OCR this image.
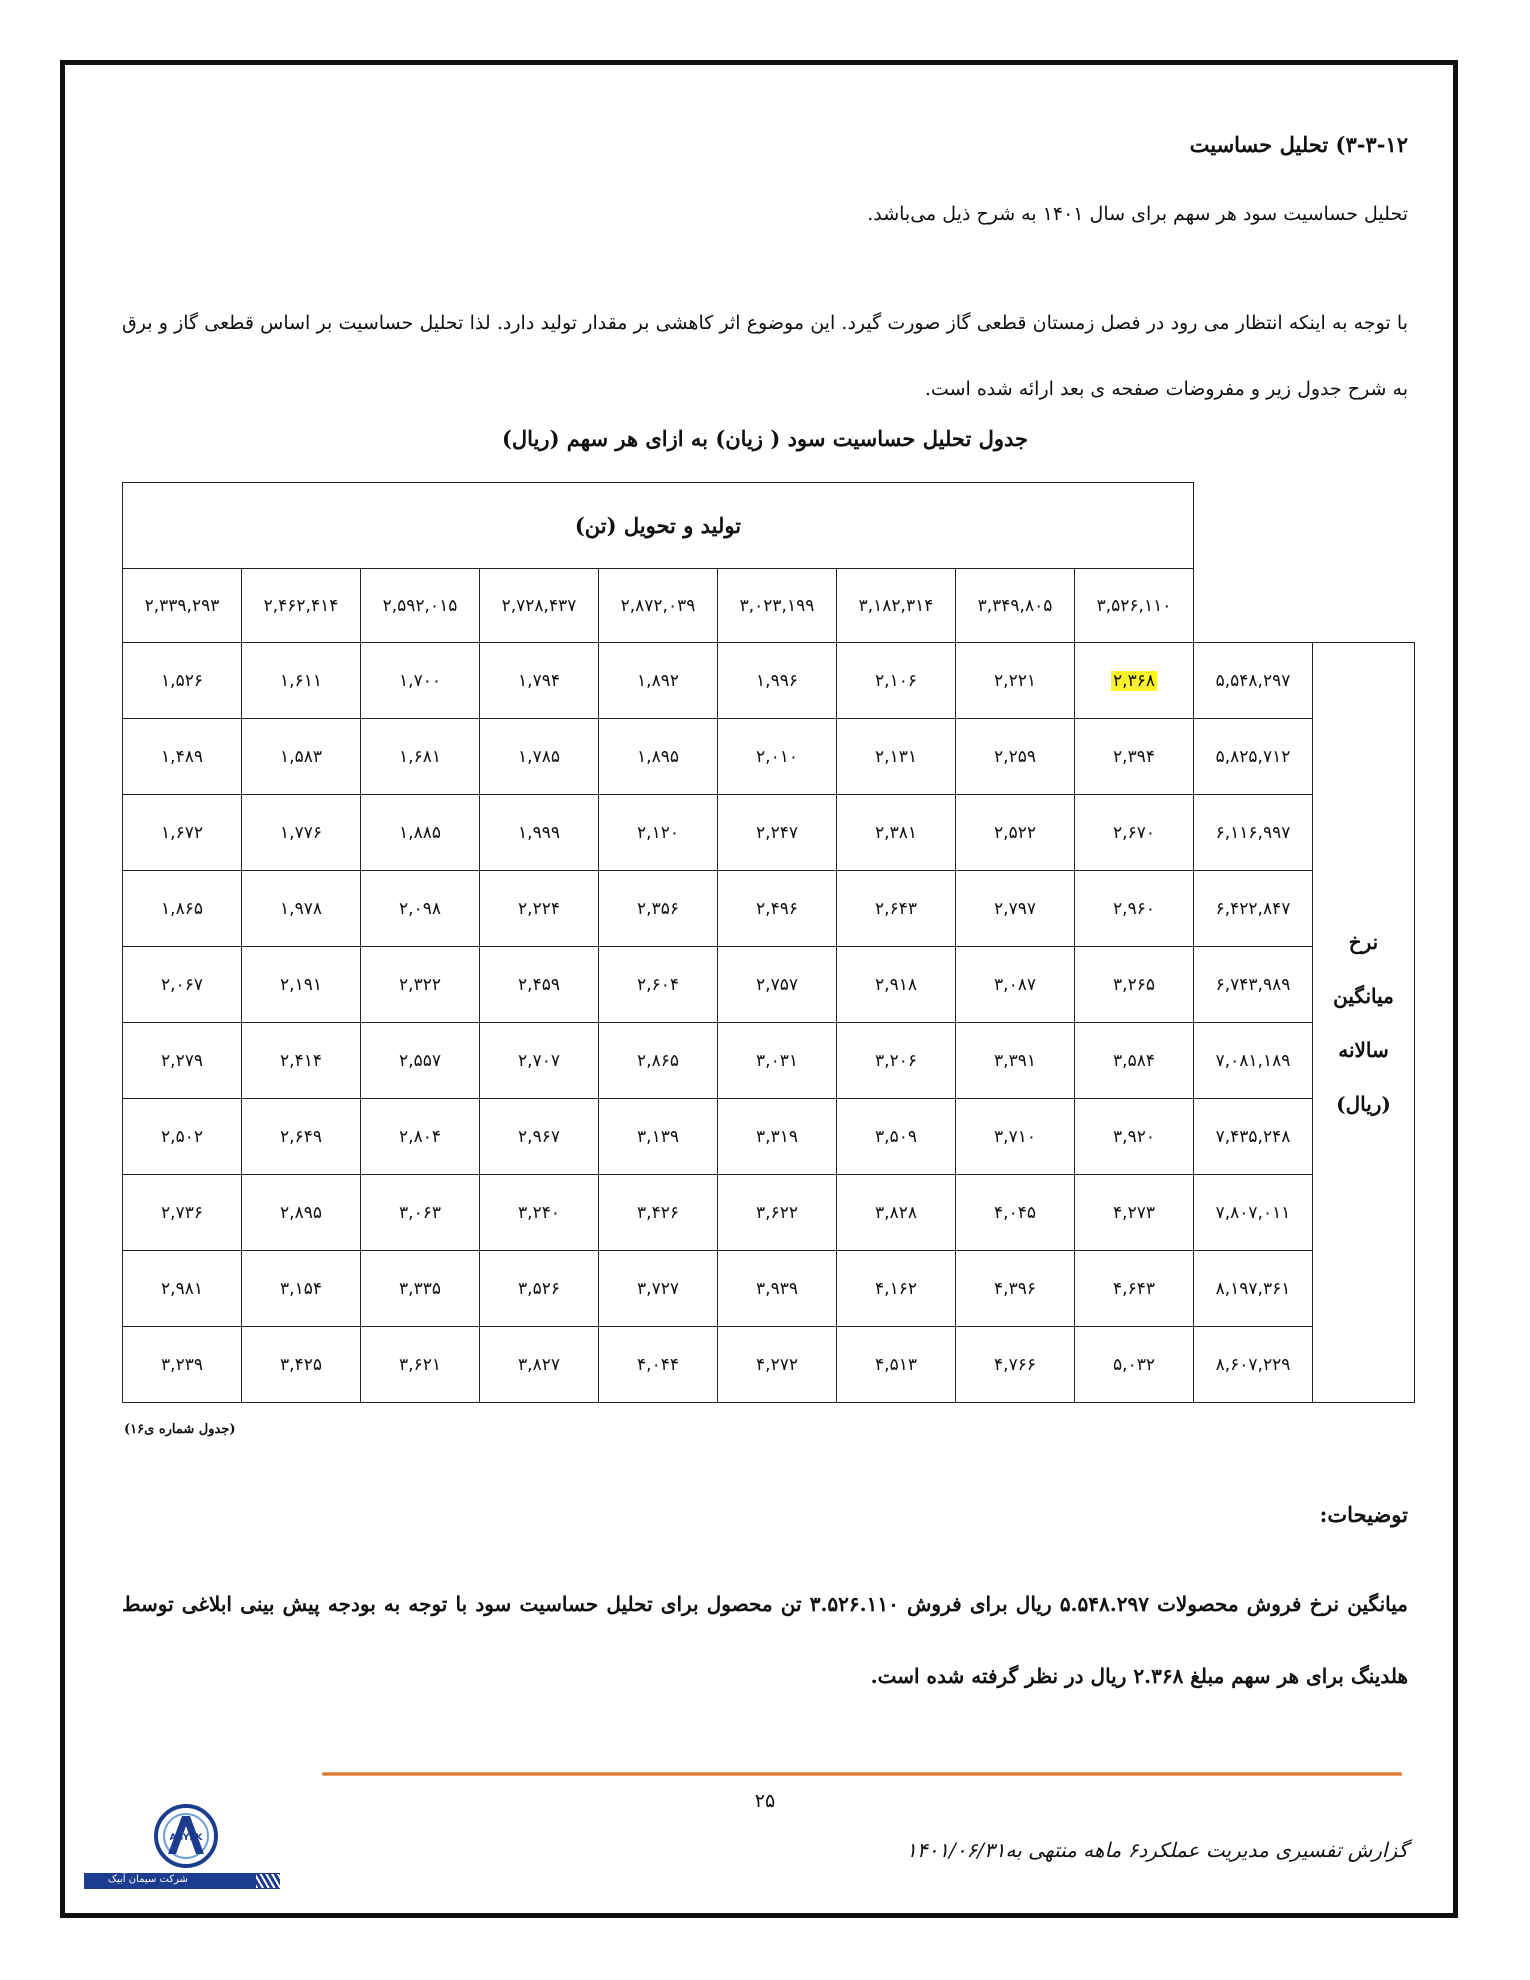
۳-۳-۱۲) تحلیل حساسیت
تحلیل حساسیت سود هر سهم برای سال ۱۴۰۱ به شرح ذیل می‌باشد.
با توجه به اینکه انتظار می رود در فصل زمستان قطعی گاز صورت گیرد. این موضوع اثر کاهشی بر مقدار تولید دارد. لذا تحلیل حساسیت بر اساس قطعی گاز و برق به شرح جدول زیر و مفروضات صفحه ی بعد ارائه شده است.
جدول تحلیل حساسیت سود ( زیان) به ازای هر سهم (ریال)
تولید و تحویل (تن)										
۲,۳۳۹,۲۹۳	۲,۴۶۲,۴۱۴	۲,۵۹۲,۰۱۵	۲,۷۲۸,۴۳۷	۲,۸۷۲,۰۳۹	۳,۰۲۳,۱۹۹	۳,۱۸۲,۳۱۴	۳,۳۴۹,۸۰۵	۳,۵۲۶,۱۱۰		
۱,۵۲۶	۱,۶۱۱	۱,۷۰۰	۱,۷۹۴	۱,۸۹۲	۱,۹۹۶	۲,۱۰۶	۲,۲۲۱	۲,۳۶۸	۵,۵۴۸,۲۹۷	نرخ میانگین سالانه (ریال)
۱,۴۸۹	۱,۵۸۳	۱,۶۸۱	۱,۷۸۵	۱,۸۹۵	۲,۰۱۰	۲,۱۳۱	۲,۲۵۹	۲,۳۹۴	۵,۸۲۵,۷۱۲	
۱,۶۷۲	۱,۷۷۶	۱,۸۸۵	۱,۹۹۹	۲,۱۲۰	۲,۲۴۷	۲,۳۸۱	۲,۵۲۲	۲,۶۷۰	۶,۱۱۶,۹۹۷	
۱,۸۶۵	۱,۹۷۸	۲,۰۹۸	۲,۲۲۴	۲,۳۵۶	۲,۴۹۶	۲,۶۴۳	۲,۷۹۷	۲,۹۶۰	۶,۴۲۲,۸۴۷	
۲,۰۶۷	۲,۱۹۱	۲,۳۲۲	۲,۴۵۹	۲,۶۰۴	۲,۷۵۷	۲,۹۱۸	۳,۰۸۷	۳,۲۶۵	۶,۷۴۳,۹۸۹	
۲,۲۷۹	۲,۴۱۴	۲,۵۵۷	۲,۷۰۷	۲,۸۶۵	۳,۰۳۱	۳,۲۰۶	۳,۳۹۱	۳,۵۸۴	۷,۰۸۱,۱۸۹	
۲,۵۰۲	۲,۶۴۹	۲,۸۰۴	۲,۹۶۷	۳,۱۳۹	۳,۳۱۹	۳,۵۰۹	۳,۷۱۰	۳,۹۲۰	۷,۴۳۵,۲۴۸	
۲,۷۳۶	۲,۸۹۵	۳,۰۶۳	۳,۲۴۰	۳,۴۲۶	۳,۶۲۲	۳,۸۲۸	۴,۰۴۵	۴,۲۷۳	۷,۸۰۷,۰۱۱	
۲,۹۸۱	۳,۱۵۴	۳,۳۳۵	۳,۵۲۶	۳,۷۲۷	۳,۹۳۹	۴,۱۶۲	۴,۳۹۶	۴,۶۴۳	۸,۱۹۷,۳۶۱	
۳,۲۳۹	۳,۴۲۵	۳,۶۲۱	۳,۸۲۷	۴,۰۴۴	۴,۲۷۲	۴,۵۱۳	۴,۷۶۶	۵,۰۳۲	۸,۶۰۷,۲۲۹	
(جدول شماره ی۱۶)
توضیحات:
میانگین نرخ فروش محصولات ۵.۵۴۸.۲۹۷ ریال برای فروش ۳.۵۲۶.۱۱۰ تن محصول برای تحلیل حساسیت سود با توجه به بودجه پیش بینی ابلاغی توسط هلدینگ برای هر سهم مبلغ ۲.۳۶۸ ریال در نظر گرفته شده است.
ABYEK
شرکت سیمان آبیک
۲۵
گزارش تفسیری مدیریت عملکرد۶ ماهه منتهی به۱۴۰۱/۰۶/۳۱
